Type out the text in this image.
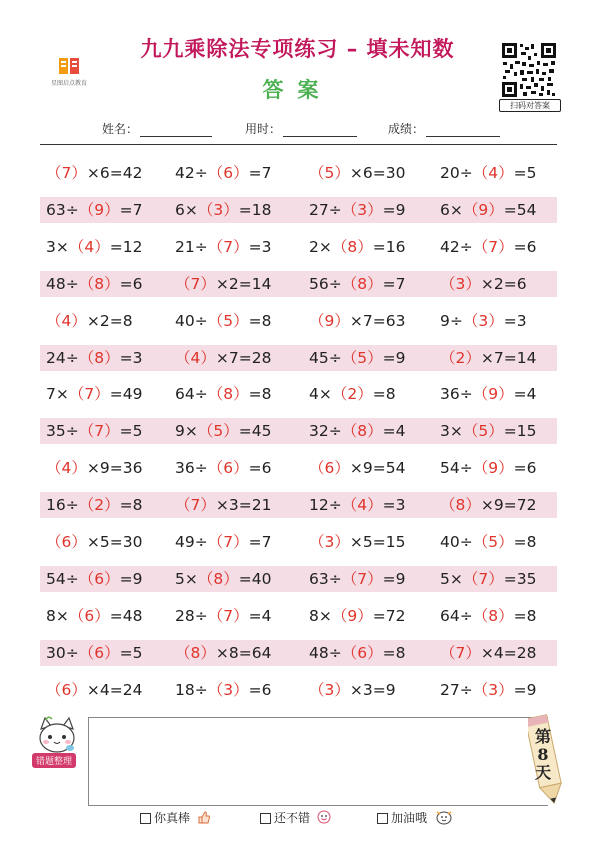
星图启点教育
九九乘除法专项练习 – 填未知数
答案
扫码对答案
姓名：	用时：	成绩：
（7）×6=42 42÷（6）=7 （5）×6=30 20÷（4）=5
63÷（9）=7 6×（3）=18 27÷（3）=9 6×（9）=54
3×（4）=12 21÷（7）=3 2×（8）=16 42÷（7）=6
48÷（8）=6 （7）×2=14 56÷（8）=7 （3）×2=6
（4）×2=8	40÷（5）=8 （9）×7=63 9÷（3）=3
24÷（8）=3 （4）×7=28 45÷（5）=9 （2）×7=14
7×（7）=49 64÷（8）=8 4×（2）=8	36÷（9）=4
35÷（7）=5 9×（5）=45 32÷（8）=4 3×（5）=15
（4）×9=36 36÷（6）=6 （6）×9=54 54÷（9）=6
16÷（2）=8 （7）×3=21 12÷（4）=3 （8）×9=72
（6）×5=30 49÷（7）=7 （3）×5=15 40÷（5）=8
54÷（6）=9 5×（8）=40 63÷（7）=9 5×（7）=35
8×（6）=48 28÷（7）=4 8×（9）=72 64÷（8）=8
30÷（6）=5 （8）×8=64 48÷（6）=8 （7）×4=28
（6）×4=24 18÷（3）=6 （3）×3=9	27÷（3）=9
错题整理
第
8
天
你真棒	还不错	加油哦
